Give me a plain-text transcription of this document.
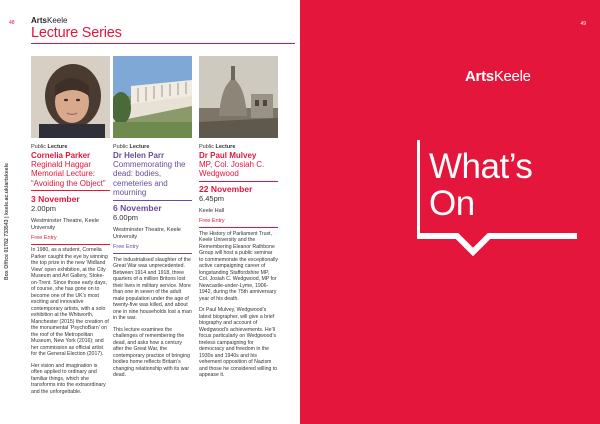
48
Box Office 01782 733543 | keele.ac.uk/artskeele
ArtsKeele
Lecture Series
Public Lecture
Cornelia Parker
Reginald Haggar Memorial Lecture: “Avoiding the Object”
3 November
2.00pm
Westminster Theatre, Keele University
Free Entry

In 1980, as a student, Cornelia Parker caught the eye by winning the top prize in the new ‘Midland View’ open exhibition, at the City Museum and Art Gallery, Stoke-on-Trent. Since those early days, of course, she has gone on to become one of the UK’s most exciting and innovative contemporary artists, with a solo exhibition at the Whitworth, Manchester (2015) the creation of the monumental ‘PsychoBarn’ on the roof of the Metropolitan Museum, New York (2016); and her commission as official artist for the General Election (2017).

Her vision and imagination is often applied to ordinary and familiar things, which she transforms into the extraordinary and the unforgettable.

Public Lecture
Dr Helen Parr
Commemorating the dead: bodies, cemeteries and mourning
6 November
6.00pm
Westminster Theatre, Keele University
Free Entry

The industrialised slaughter of the Great War was unprecedented. Between 1914 and 1918, three quarters of a million Britons lost their lives in military service. More than one in seven of the adult male population under the age of twenty-five was killed, and about one in nine households lost a man in the war.

This lecture examines the challenges of remembering the dead, and asks how a century after the Great War, the contemporary practice of bringing bodies home reflects Britain’s changing relationship with its war dead.

Public Lecture
Dr Paul Mulvey
MP, Col. Josiah C. Wedgwood
22 November
6.45pm
Keele Hall
Free Entry

The History of Parliament Trust, Keele University and the Remembering Eleanor Rathbone Group will host a public seminar to commemorate the exceptionally active campaigning career of longstanding Staffordshire MP, Col. Josiah C. Wedgwood, MP for Newcastle-under-Lyme, 1906-1942, during the 75th anniversary year of his death.

Dr Paul Mulvey, Wedgwood’s latest biographer, will give a brief biography and account of Wedgwood’s achievements. He’ll focus particularly on Wedgwood’s tireless campaigning for democracy and freedom in the 1930s and 1940s and his vehement opposition of Nazism and those he considered willing to appease it.

49
ArtsKeele
What’s
On
